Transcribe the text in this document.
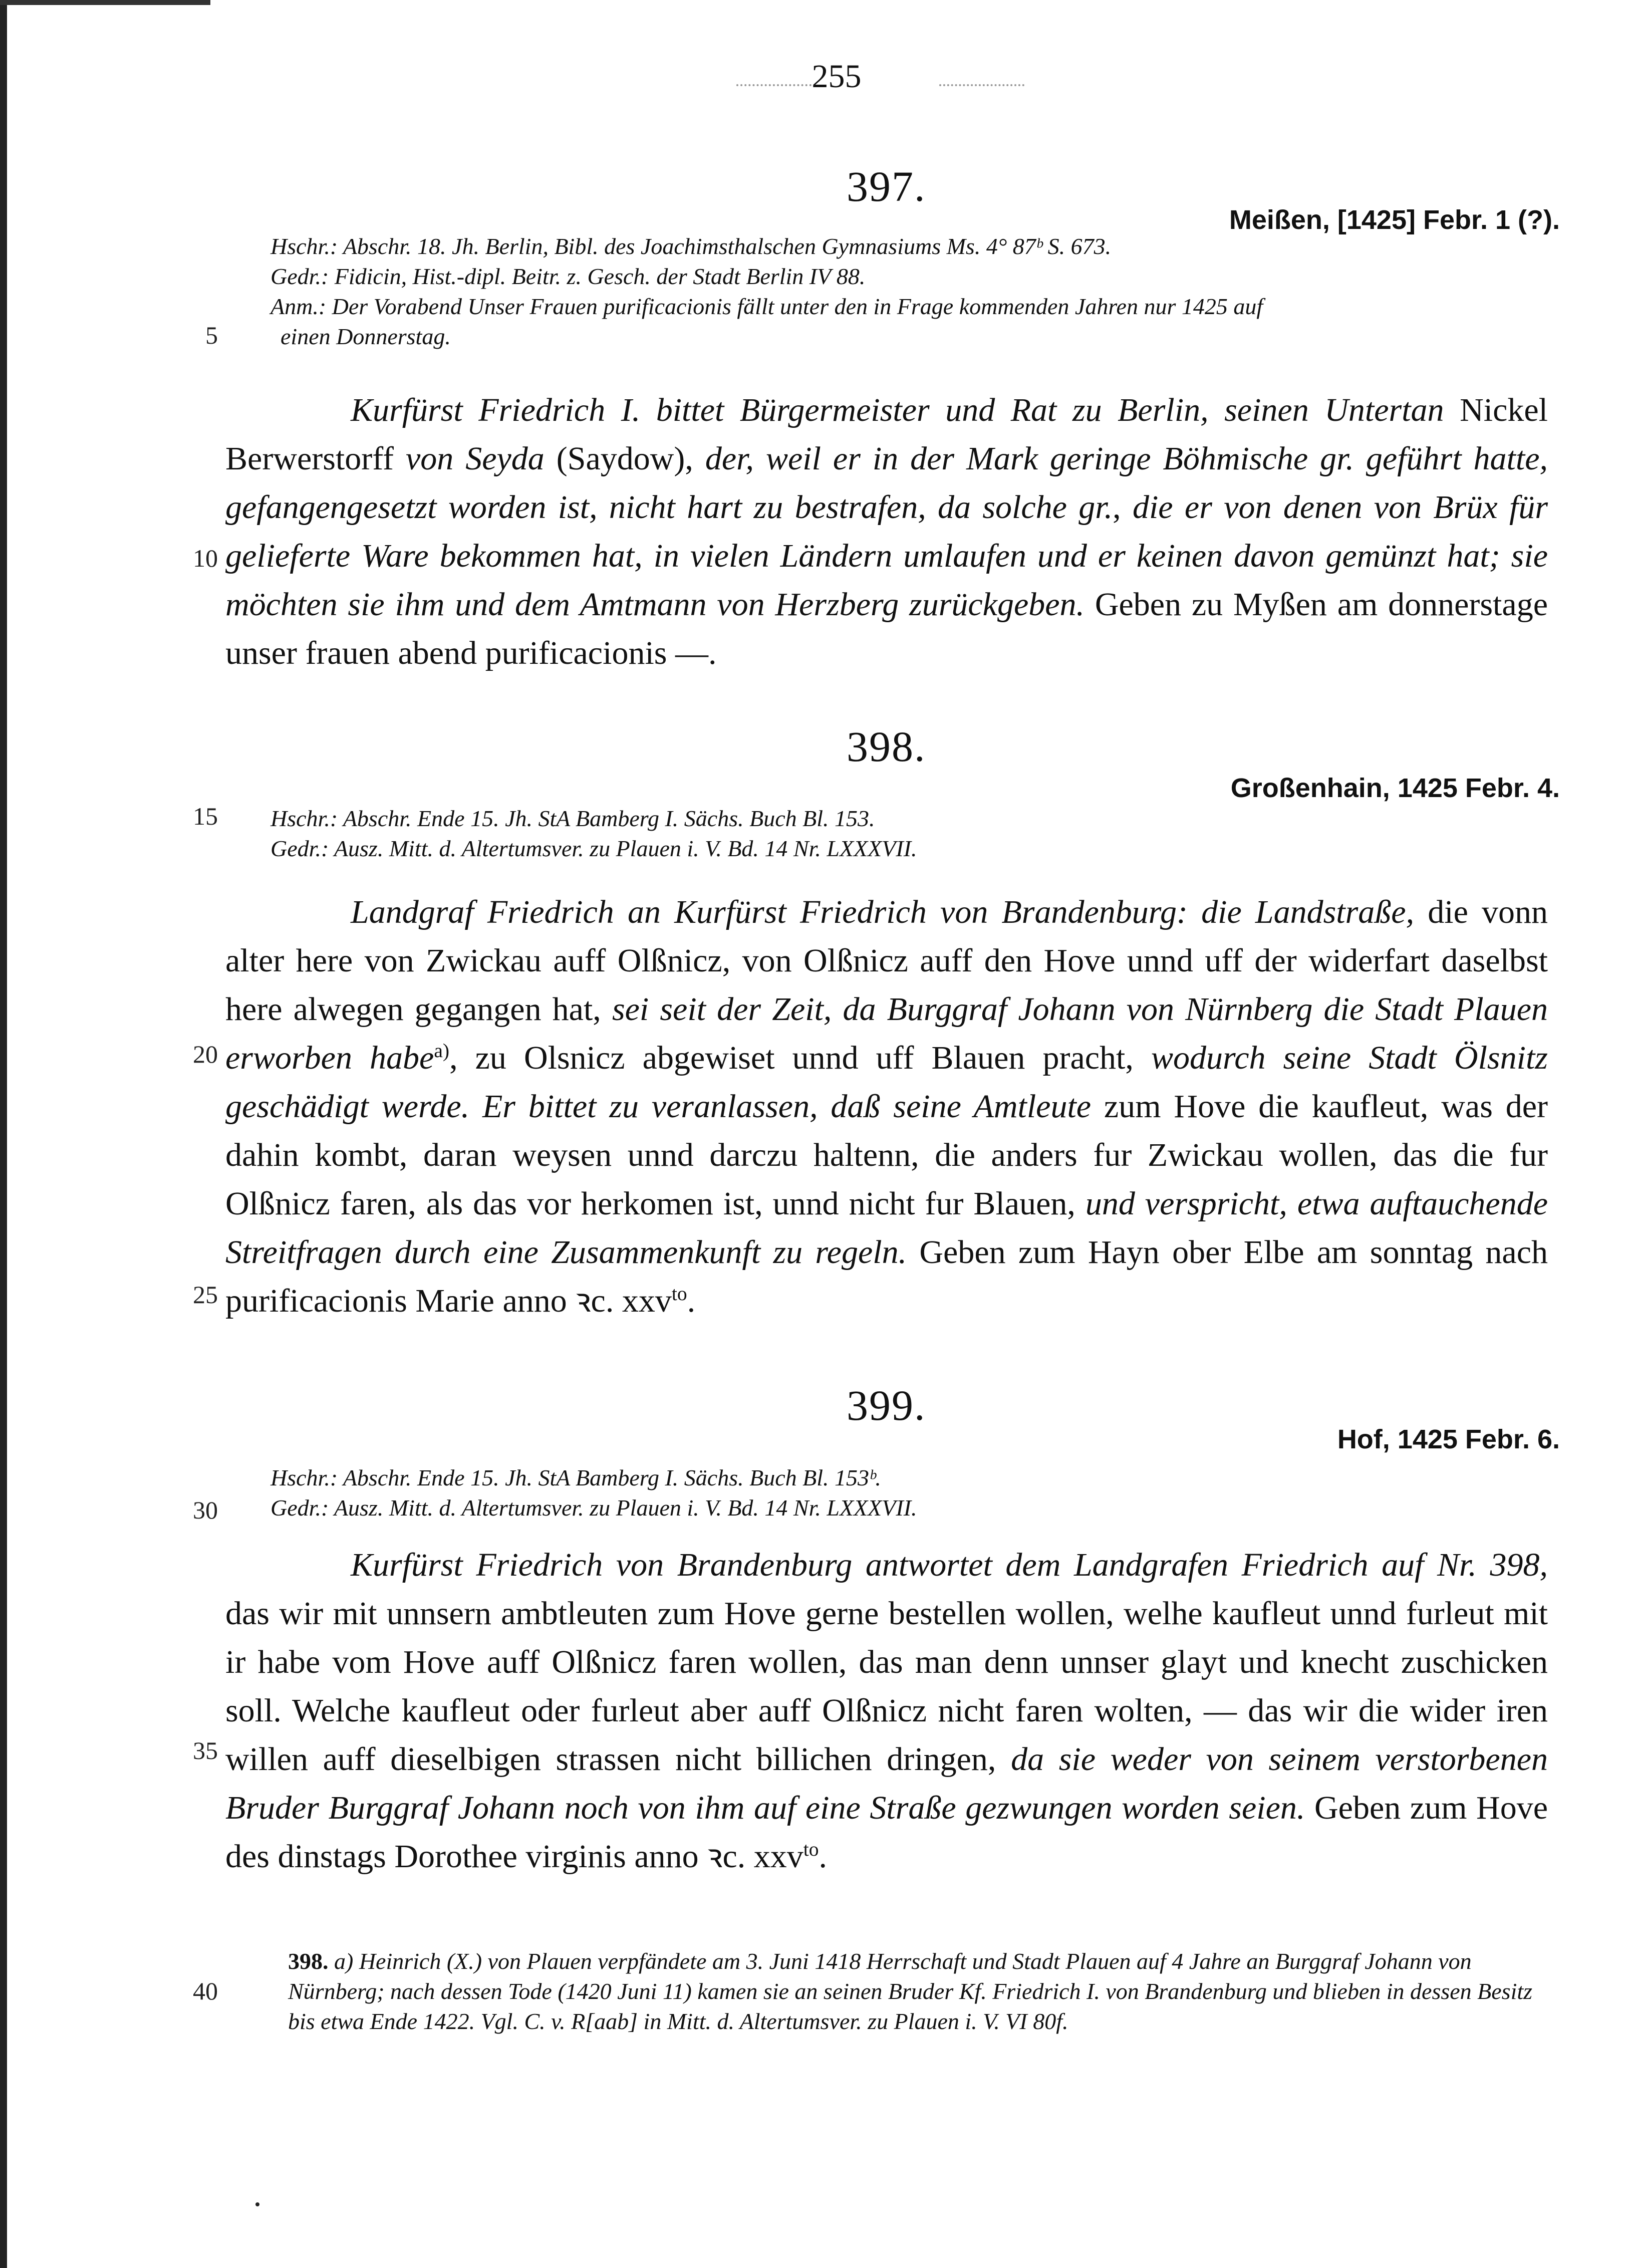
255
5
10
15
20
25
30
35
40
397.
Meißen, [1425] Febr. 1 (?).
Hschr.: Abschr. 18. Jh. Berlin, Bibl. des Joachimsthalschen Gymnasiums Ms. 4° 87ᵇ S. 673.
Gedr.: Fidicin, Hist.-dipl. Beitr. z. Gesch. der Stadt Berlin IV 88.
Anm.: Der Vorabend Unser Frauen purificacionis fällt unter den in Frage kommenden Jahren nur 1425 auf
einen Donnerstag.

Kurfürst Friedrich I. bittet Bürgermeister und Rat zu Berlin, seinen Untertan Nickel Berwerstorff von Seyda (Saydow), der, weil er in der Mark geringe Böhmische gr. geführt hatte, gefangengesetzt worden ist, nicht hart zu bestrafen, da solche gr., die er von denen von Brüx für gelieferte Ware bekommen hat, in vielen Ländern umlaufen und er keinen davon gemünzt hat; sie möchten sie ihm und dem Amtmann von Herzberg zurückgeben. Geben zu Myßen am donnerstage unser frauen abend purificacionis —.

398.
Großenhain, 1425 Febr. 4.
Hschr.: Abschr. Ende 15. Jh. StA Bamberg I. Sächs. Buch Bl. 153.
Gedr.: Ausz. Mitt. d. Altertumsver. zu Plauen i. V. Bd. 14 Nr. LXXXVII.

Landgraf Friedrich an Kurfürst Friedrich von Brandenburg: die Landstraße, die vonn alter here von Zwickau auff Olßnicz, von Olßnicz auff den Hove unnd uff der widerfart daselbst here alwegen gegangen hat, sei seit der Zeit, da Burggraf Johann von Nürnberg die Stadt Plauen erworben habe$^{a)}$, zu Olsnicz abgewiset unnd uff Blauen pracht, wodurch seine Stadt Ölsnitz geschädigt werde. Er bittet zu veranlassen, daß seine Amtleute zum Hove die kaufleut, was der dahin kombt, daran weysen unnd darczu haltenn, die anders fur Zwickau wollen, das die fur Olßnicz faren, als das vor herkomen ist, unnd nicht fur Blauen, und verspricht, etwa auftauchende Streitfragen durch eine Zusammenkunft zu regeln. Geben zum Hayn ober Elbe am sonntag nach purificacionis Marie anno ꝛc. xxv$^{to}$.

399.
Hof, 1425 Febr. 6.
Hschr.: Abschr. Ende 15. Jh. StA Bamberg I. Sächs. Buch Bl. 153ᵇ.
Gedr.: Ausz. Mitt. d. Altertumsver. zu Plauen i. V. Bd. 14 Nr. LXXXVII.

Kurfürst Friedrich von Brandenburg antwortet dem Landgrafen Friedrich auf Nr. 398, das wir mit unnsern ambtleuten zum Hove gerne bestellen wollen, welhe kaufleut unnd furleut mit ir habe vom Hove auff Olßnicz faren wollen, das man denn unnser glayt und knecht zuschicken soll. Welche kaufleut oder furleut aber auff Olßnicz nicht faren wolten, — das wir die wider iren willen auff dieselbigen strassen nicht billichen dringen, da sie weder von seinem verstorbenen Bruder Burggraf Johann noch von ihm auf eine Straße gezwungen worden seien. Geben zum Hove des dinstags Dorothee virginis anno ꝛc. xxv$^{to}$.

398. a) Heinrich (X.) von Plauen verpfändete am 3. Juni 1418 Herrschaft und Stadt Plauen auf 4 Jahre an Burggraf Johann von Nürnberg; nach dessen Tode (1420 Juni 11) kamen sie an seinen Bruder Kf. Friedrich I. von Brandenburg und blieben in dessen Besitz bis etwa Ende 1422. Vgl. C. v. R[aab] in Mitt. d. Altertumsver. zu Plauen i. V. VI 80f.
